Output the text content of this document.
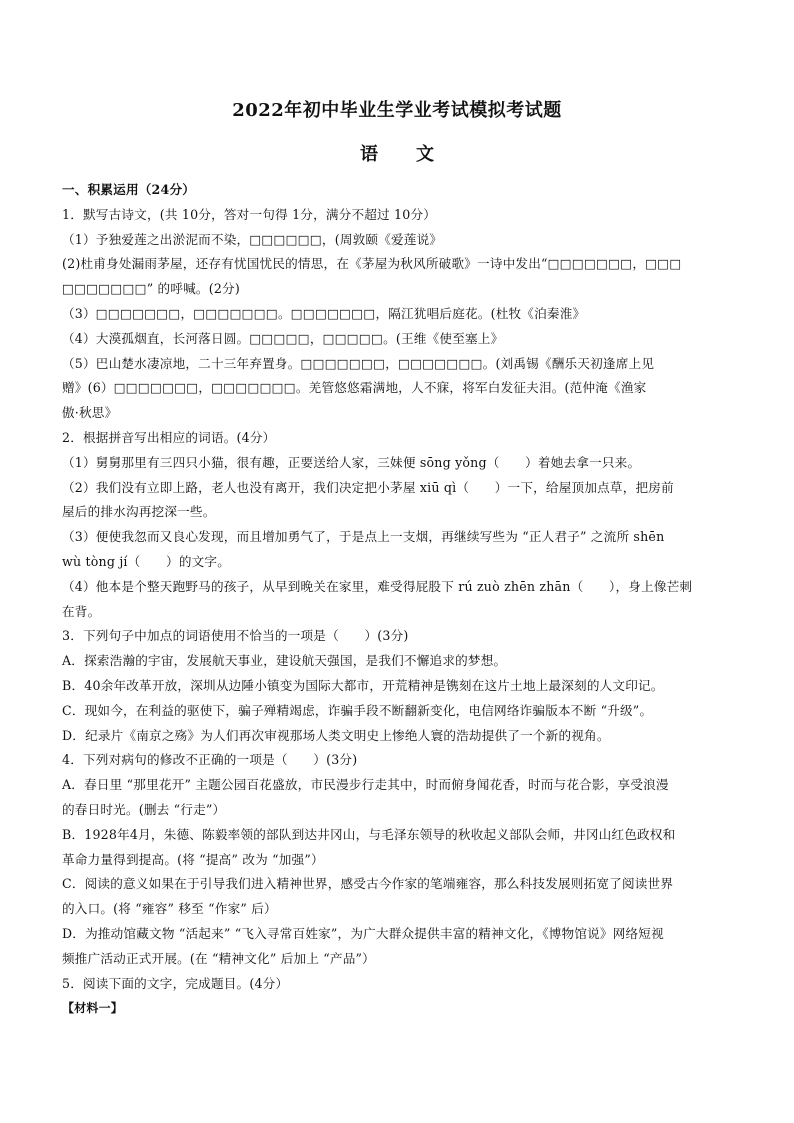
2022年初中毕业生学业考试模拟考试题
语 文
一、积累运用（24分）
1．默写古诗文，(共 10分，答对一句得 1分，满分不超过 10分）
（1）予独爱莲之出淤泥而不染，□□□□□□，(周敦颐《爱莲说》
(2)杜甫身处漏雨茅屋，还存有忧国忧民的情思，在《茅屋为秋风所破歌》一诗中发出“□□□□□□□，□□□
□□□□□□□” 的呼喊。(2分)
（3）□□□□□□□，□□□□□□□。□□□□□□□，隔江犹唱后庭花。(杜牧《泊秦淮》
（4）大漠孤烟直，长河落日圆。□□□□□，□□□□□。(王维《使至塞上》
（5）巴山楚水凄凉地，二十三年弃置身。□□□□□□□，□□□□□□□。(刘禹锡《酬乐天初逢席上见
赠》(6）□□□□□□□，□□□□□□□。羌管悠悠霜满地，人不寐，将军白发征夫泪。(范仲淹《渔家
傲·秋思》
2．根据拼音写出相应的词语。(4分）
（1）舅舅那里有三四只小猫，很有趣，正要送给人家，三妹便 sōng yǒng（　　）着她去拿一只来。
（2）我们没有立即上路，老人也没有离开，我们决定把小茅屋 xiū qì（　　）一下，给屋顶加点草，把房前
屋后的排水沟再挖深一些。
（3）便使我忽而又良心发现，而且增加勇气了，于是点上一支烟，再继续写些为 “正人君子” 之流所 shēn
wù tòng jí（　　）的文字。
（4）他本是个整天跑野马的孩子，从早到晚关在家里，难受得屁股下 rú zuò zhēn zhān（　　），身上像芒刺
在背。
3．下列句子中加点的词语使用不恰当的一项是（　　）(3分)
A．探索浩瀚的宇宙，发展航天事业，建设航天强国，是我们不懈追求的梦想。
B．40余年改革开放，深圳从边陲小镇变为国际大都市，开荒精神是镌刻在这片土地上最深刻的人文印记。
C．现如今，在利益的驱使下，骗子殚精竭虑，诈骗手段不断翻新变化，电信网络诈骗版本不断 “升级”。
D．纪录片《南京之殇》为人们再次审视那场人类文明史上惨绝人寰的浩劫提供了一个新的视角。
4．下列对病句的修改不正确的一项是（　　）(3分)
A．春日里 “那里花开” 主题公园百花盛放，市民漫步行走其中，时而俯身闻花香，时而与花合影，享受浪漫
的春日时光。(删去 “行走”）
B．1928年4月，朱德、陈毅率领的部队到达井冈山，与毛泽东领导的秋收起义部队会师，井冈山红色政权和
革命力量得到提高。(将 “提高” 改为 “加强”）
C．阅读的意义如果在于引导我们进入精神世界，感受古今作家的笔端雍容，那么科技发展则拓宽了阅读世界
的入口。(将 “雍容” 移至 “作家” 后）
D．为推动馆藏文物 “活起来” “飞入寻常百姓家”，为广大群众提供丰富的精神文化，《博物馆说》网络短视
频推广活动正式开展。(在 “精神文化” 后加上 “产品”）
5．阅读下面的文字，完成题目。(4分）
【材料一】
